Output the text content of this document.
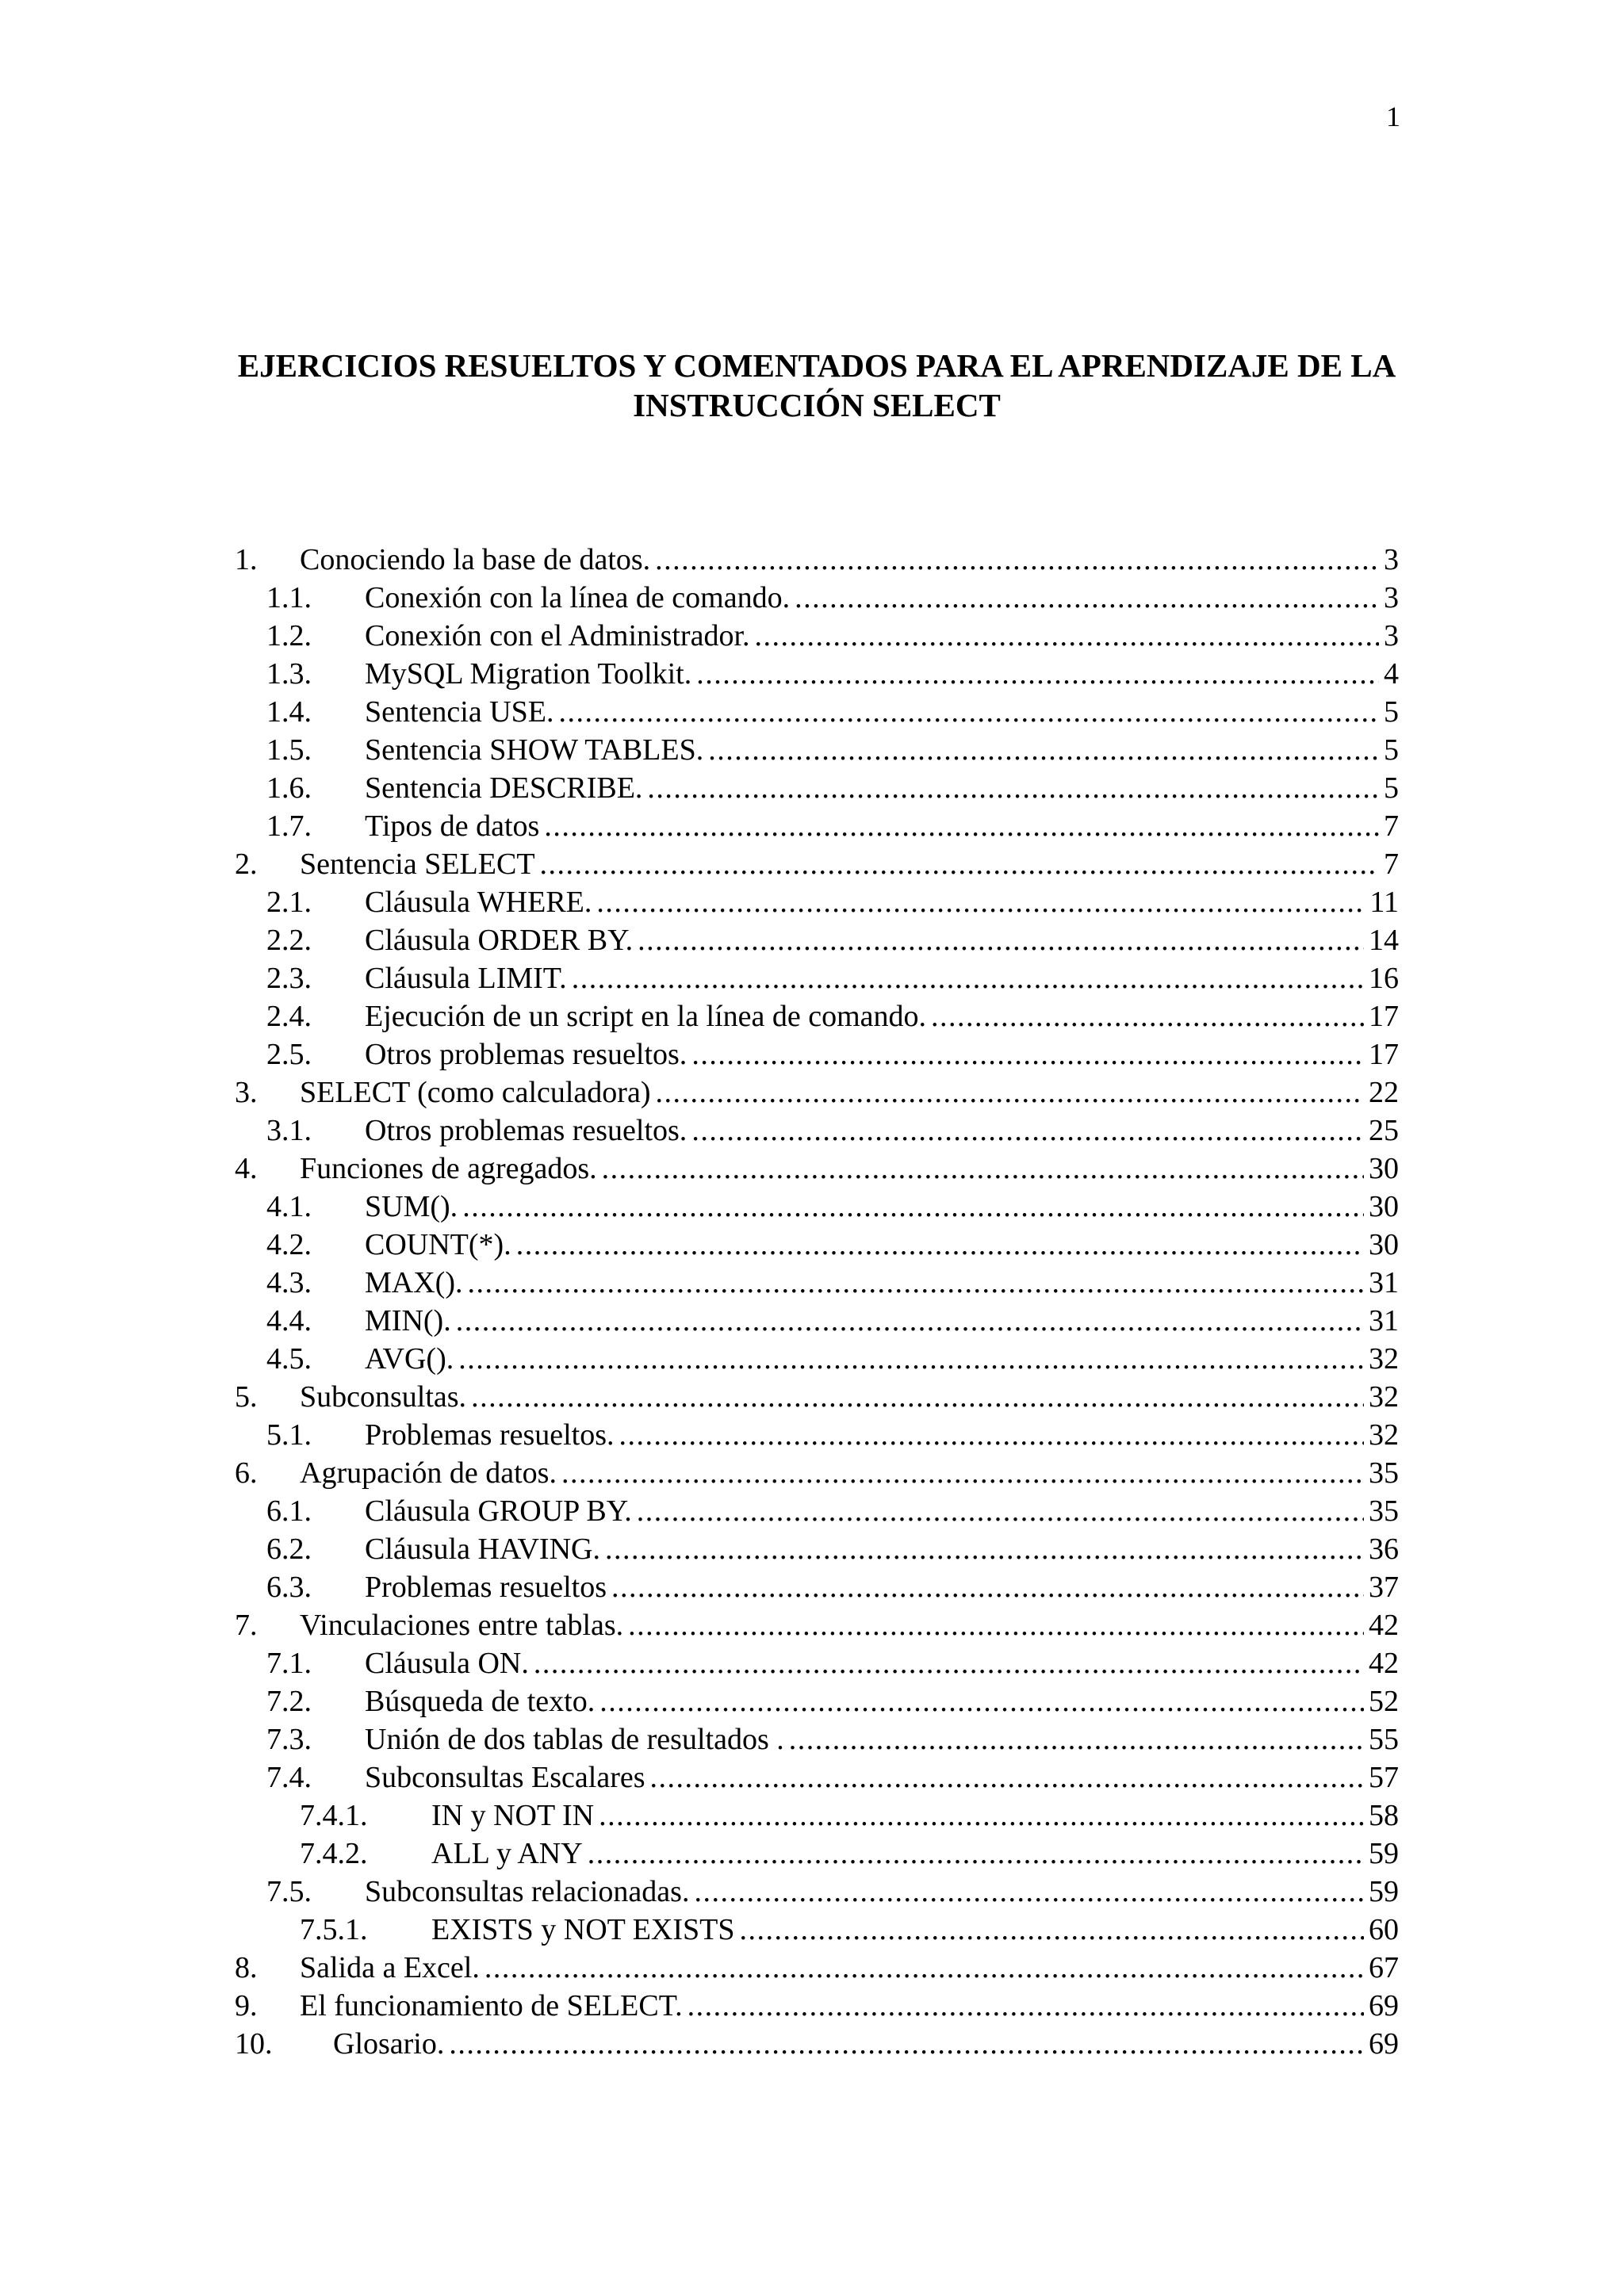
1
EJERCICIOS RESUELTOS Y COMENTADOS PARA EL APRENDIZAJE DE LA INSTRUCCIÓN SELECT
1.	Conociendo la base de datos. . . .	3
1.1.	Conexión con la línea de comando. . . .	3
1.2.	Conexión con el Administrador. . . .	3
1.3.	MySQL Migration Toolkit. . . .	4
1.4.	Sentencia USE. . . .	5
1.5.	Sentencia SHOW TABLES. . . .	5
1.6.	Sentencia DESCRIBE. . . .	5
1.7.	Tipos de datos . . .	7
2.	Sentencia SELECT . . .	7
2.1.	Cláusula WHERE. . . .	11
2.2.	Cláusula ORDER BY. . . .	14
2.3.	Cláusula LIMIT. . . .	16
2.4.	Ejecución de un script en la línea de comando. . . .	17
2.5.	Otros problemas resueltos. . . .	17
3.	SELECT (como calculadora) . . .	22
3.1.	Otros problemas resueltos. . . .	25
4.	Funciones de agregados. . . .	30
4.1.	SUM(). . . .	30
4.2.	COUNT(*). . . .	30
4.3.	MAX(). . . .	31
4.4.	MIN(). . . .	31
4.5.	AVG(). . . .	32
5.	Subconsultas. . . .	32
5.1.	Problemas resueltos. . . .	32
6.	Agrupación de datos. . . .	35
6.1.	Cláusula GROUP BY. . . .	35
6.2.	Cláusula HAVING. . . .	36
6.3.	Problemas resueltos . . .	37
7.	Vinculaciones entre tablas. . . .	42
7.1.	Cláusula ON. . . .	42
7.2.	Búsqueda de texto. . . .	52
7.3.	Unión de dos tablas de resultados . . . .	55
7.4.	Subconsultas Escalares . . .	57
7.4.1.	IN y NOT IN . . .	58
7.4.2.	ALL y ANY . . .	59
7.5.	Subconsultas relacionadas. . . .	59
7.5.1.	EXISTS y NOT EXISTS . . .	60
8.	Salida a Excel. . . .	67
9.	El funcionamiento de SELECT. . . .	69
10.	Glosario. . . .	69
